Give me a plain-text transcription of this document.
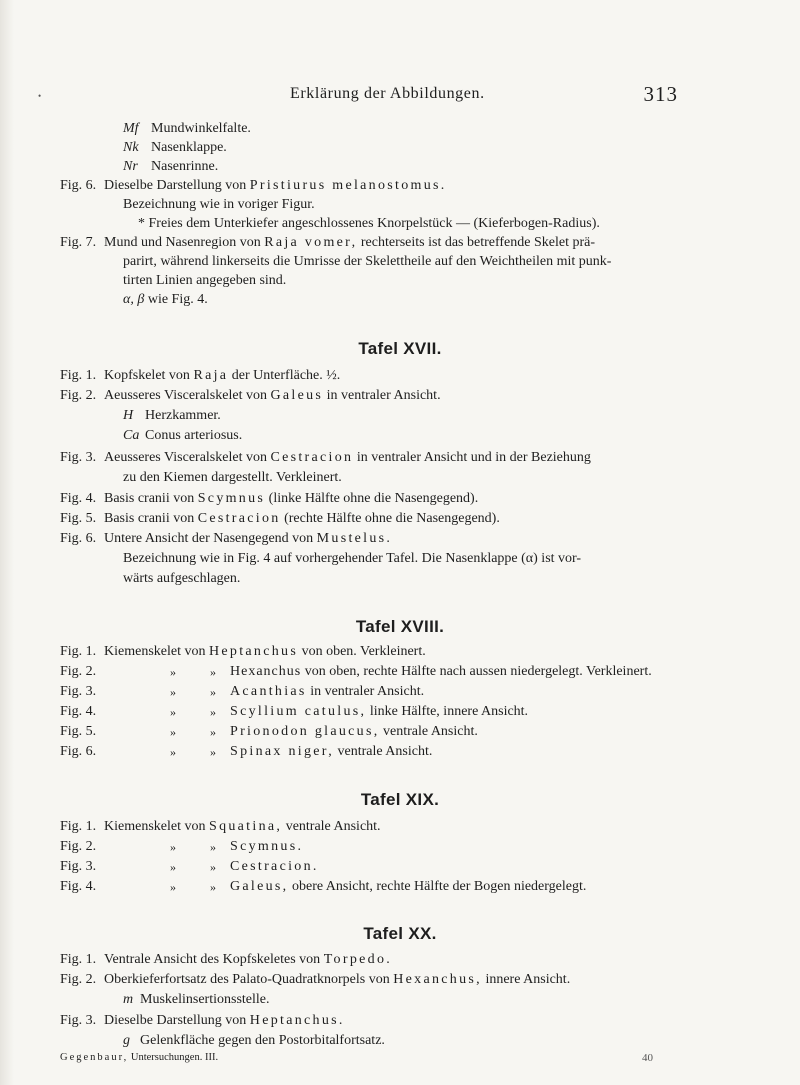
•	Erklärung der Abbildungen.	313
Mf Mundwinkelfalte.
Nk Nasenklappe.
Nr Nasenrinne.
Fig. 6. Dieselbe Darstellung von Pristiurus melanostomus.
Bezeichnung wie in voriger Figur.
* Freies dem Unterkiefer angeschlossenes Knorpelstück — (Kieferbogen-Radius).
Fig. 7. Mund und Nasenregion von Raja vomer, rechterseits ist das betreffende Skelet prä-
parirt, während linkerseits die Umrisse der Skelettheile auf den Weichtheilen mit punk-
tirten Linien angegeben sind.
α, β wie Fig. 4.
Tafel XVII.
Fig. 1. Kopfskelet von Raja der Unterfläche. ½.
Fig. 2. Aeusseres Visceralskelet von Galeus in ventraler Ansicht.
H Herzkammer.
Ca Conus arteriosus.
Fig. 3. Aeusseres Visceralskelet von Cestracion in ventraler Ansicht und in der Beziehung
zu den Kiemen dargestellt. Verkleinert.
Fig. 4. Basis cranii von Scymnus (linke Hälfte ohne die Nasengegend).
Fig. 5. Basis cranii von Cestracion (rechte Hälfte ohne die Nasengegend).
Fig. 6. Untere Ansicht der Nasengegend von Mustelus.
Bezeichnung wie in Fig. 4 auf vorhergehender Tafel. Die Nasenklappe (α) ist vor-
wärts aufgeschlagen.
Tafel XVIII.
Fig. 1. Kiemenskelet von Heptanchus von oben. Verkleinert.
Fig. 2.	»	» Hexanchus von oben, rechte Hälfte nach aussen niedergelegt. Verkleinert.
Fig. 3.	»	» Acanthias in ventraler Ansicht.
Fig. 4.	»	» Scyllium catulus, linke Hälfte, innere Ansicht.
Fig. 5.	»	» Prionodon glaucus, ventrale Ansicht.
Fig. 6.	»	» Spinax niger, ventrale Ansicht.
Tafel XIX.
Fig. 1. Kiemenskelet von Squatina, ventrale Ansicht.
Fig. 2.	»	» Scymnus.
Fig. 3.	»	» Cestracion.
Fig. 4.	»	» Galeus, obere Ansicht, rechte Hälfte der Bogen niedergelegt.
Tafel XX.
Fig. 1. Ventrale Ansicht des Kopfskeletes von Torpedo.
Fig. 2. Oberkieferfortsatz des Palato-Quadratknorpels von Hexanchus, innere Ansicht.
m Muskelinsertionsstelle.
Fig. 3. Dieselbe Darstellung von Heptanchus.
g Gelenkfläche gegen den Postorbitalfortsatz.
Gegenbaur, Untersuchungen. III.	40
